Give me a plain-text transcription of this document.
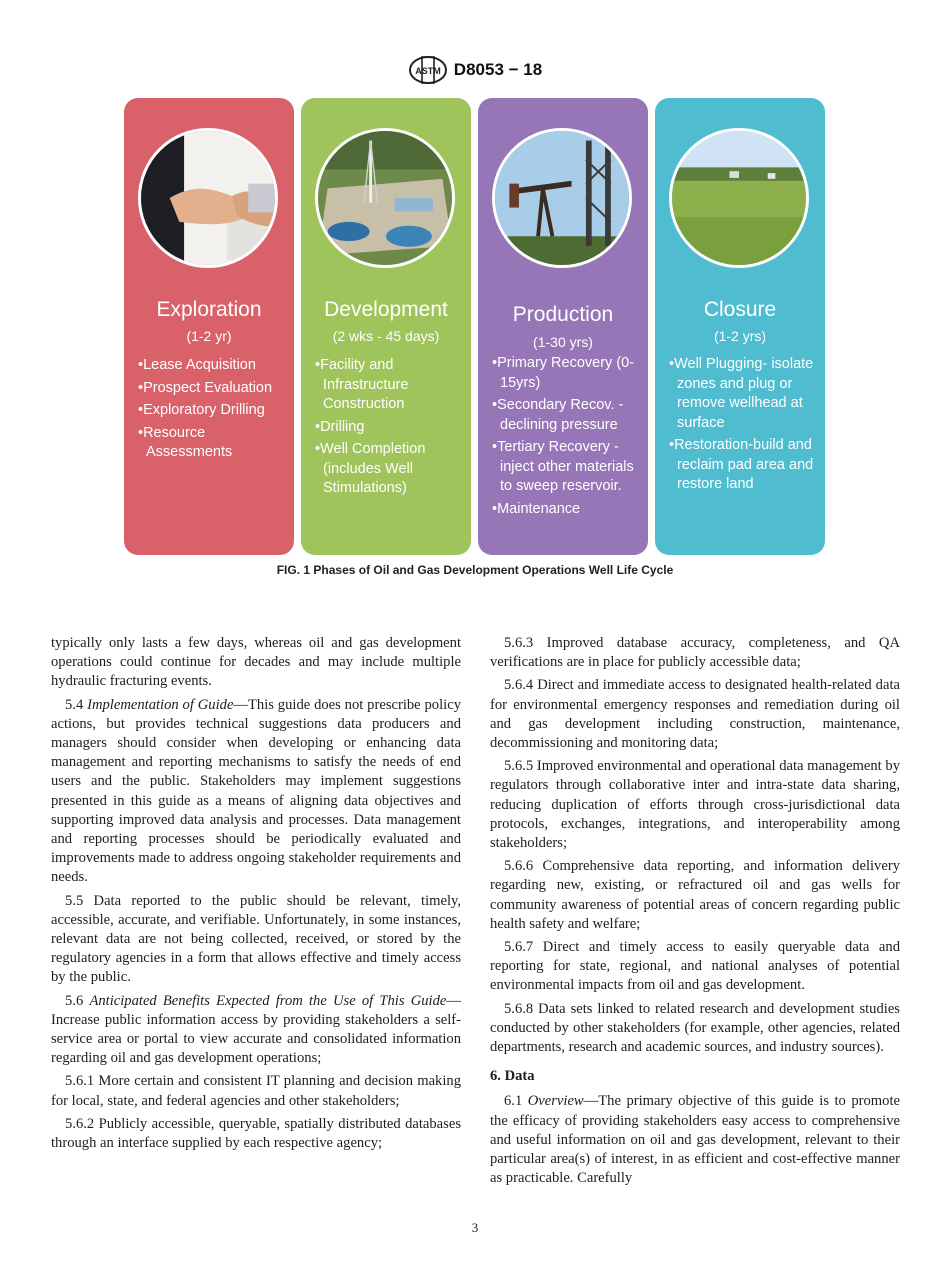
ASTM D8053 − 18
Exploration
(1-2 yr)
• Lease Acquisition
• Prospect Evaluation
• Exploratory Drilling
• Resource Assessments
Development
(2 wks - 45 days)
• Facility and Infrastructure Construction
• Drilling
• Well Completion (includes Well Stimulations)
Production
(1-30 yrs)
• Primary Recovery (0-15yrs)
• Secondary Recov. - declining pressure
• Tertiary Recovery - inject other materials to sweep reservoir.
• Maintenance
Closure
(1-2 yrs)
• Well Plugging- isolate zones and plug or remove wellhead at surface
• Restoration-build and reclaim pad area and restore land
FIG. 1 Phases of Oil and Gas Development Operations Well Life Cycle

typically only lasts a few days, whereas oil and gas development operations could continue for decades and may include multiple hydraulic fracturing events.

5.4 Implementation of Guide—This guide does not prescribe policy actions, but provides technical suggestions data producers and managers should consider when developing or enhancing data management and reporting mechanisms to satisfy the needs of end users and the public. Stakeholders may implement suggestions presented in this guide as a means of aligning data objectives and supporting improved data analysis and processes. Data management and reporting processes should be periodically evaluated and improvements made to address ongoing stakeholder requirements and needs.

5.5 Data reported to the public should be relevant, timely, accessible, accurate, and verifiable. Unfortunately, in some instances, relevant data are not being collected, received, or stored by the regulatory agencies in a form that allows effective and timely access by the public.

5.6 Anticipated Benefits Expected from the Use of This Guide—Increase public information access by providing stakeholders a self-service area or portal to view accurate and consolidated information regarding oil and gas development operations;

5.6.1 More certain and consistent IT planning and decision making for local, state, and federal agencies and other stakeholders;

5.6.2 Publicly accessible, queryable, spatially distributed databases through an interface supplied by each respective agency;

5.6.3 Improved database accuracy, completeness, and QA verifications are in place for publicly accessible data;

5.6.4 Direct and immediate access to designated health-related data for environmental emergency responses and remediation during oil and gas development including construction, maintenance, decommissioning and monitoring data;

5.6.5 Improved environmental and operational data management by regulators through collaborative inter and intra-state data sharing, reducing duplication of efforts through cross-jurisdictional data protocols, exchanges, integrations, and interoperability among stakeholders;

5.6.6 Comprehensive data reporting, and information delivery regarding new, existing, or refractured oil and gas wells for community awareness of potential areas of concern regarding public health safety and welfare;

5.6.7 Direct and timely access to easily queryable data and reporting for state, regional, and national analyses of potential environmental impacts from oil and gas development.

5.6.8 Data sets linked to related research and development studies conducted by other stakeholders (for example, other agencies, related departments, research and academic sources, and industry sources).

6. Data

6.1 Overview—The primary objective of this guide is to promote the efficacy of providing stakeholders easy access to comprehensive and useful information on oil and gas development, relevant to their particular area(s) of interest, in as efficient and cost-effective manner as practicable. Carefully

3
